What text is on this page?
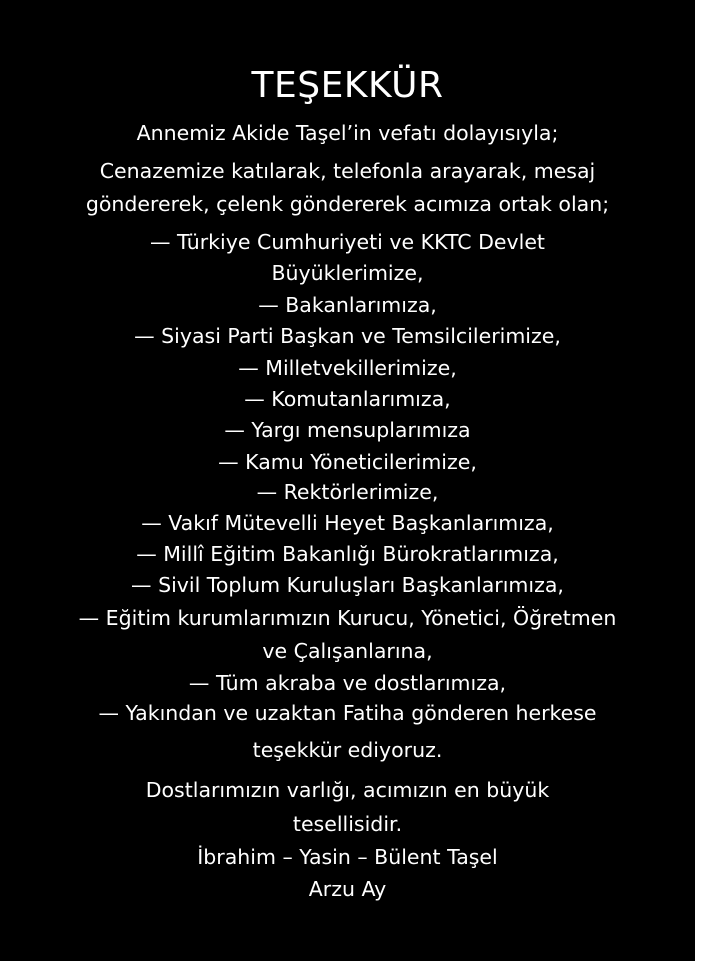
TEŞEKKÜR
Annemiz Akide Taşel’in vefatı dolayısıyla;
Cenazemize katılarak, telefonla arayarak, mesaj
göndererek, çelenk göndererek acımıza ortak olan;
— Türkiye Cumhuriyeti ve KKTC Devlet
Büyüklerimize,
— Bakanlarımıza,
— Siyasi Parti Başkan ve Temsilcilerimize,
— Milletvekillerimize,
— Komutanlarımıza,
— Yargı mensuplarımıza
— Kamu Yöneticilerimize,
— Rektörlerimize,
— Vakıf Mütevelli Heyet Başkanlarımıza,
— Millî Eğitim Bakanlığı Bürokratlarımıza,
— Sivil Toplum Kuruluşları Başkanlarımıza,
— Eğitim kurumlarımızın Kurucu, Yönetici, Öğretmen
ve Çalışanlarına,
— Tüm akraba ve dostlarımıza,
— Yakından ve uzaktan Fatiha gönderen herkese
teşekkür ediyoruz.
Dostlarımızın varlığı, acımızın en büyük
tesellisidir.
İbrahim – Yasin – Bülent Taşel
Arzu Ay
